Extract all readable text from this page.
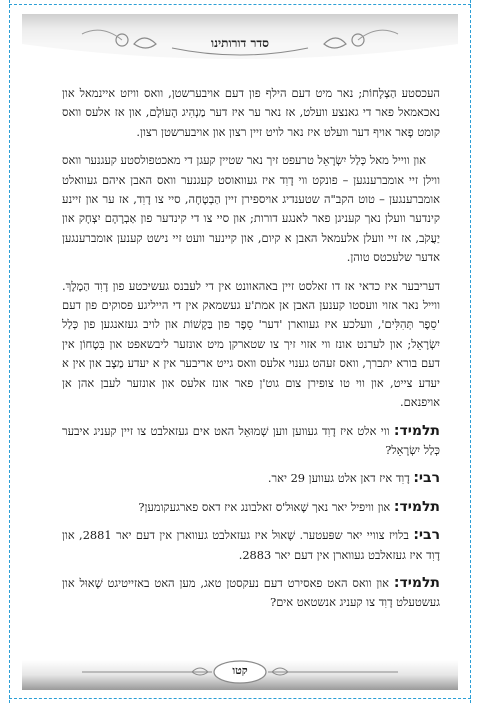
סדר דורותינו

העכסטע הַצְלָחוֹת; נאר מיט דעם הילף פון דעם אויבערשטן, וואס וויזט איינמאל און נאכאמאל פאר די גאנצע וועלט, אז נאר ער איז דער מַנְהִיג הָעוֹלָם, און אז אלעס וואס קומט פָאר אויף דער וועלט איז נאר לויט זיין רצון און אויבערשטן רצון.

און ווייל מאל כְּלַל יִשְׂרָאֵל טרעפט זיך נאר שטיין קעגן די מאכטפולסטע קעגנער וואס ווילן זיי אומברענגען – פונקט ווי דָוִד איז געוואוסט קעגנער וואס האבן איהם געוואלט אומברענגען – טוט הקב"ה שטענדיג אויספירן זיין הַבְטָחָה, סיי צו דָוִד, אז ער און זיינע קינדער וועלן נאך קעניגן פאר לאנגע דורות; און סיי צו די קינדער פון אַבְרָהָם יִצְחָק און יַעֲקֹב, אז זיי וועלן אלעמאל האבן א קיום, און קיינער וועט זיי נישט קענען אומברענגען אדער שלעכטס טוהן.

דעריבער איז כדאי אז דו זאלסט זיין באהאוונט אין די לעבנס געשיכטע פון דָוִד הַמֶלֶךְ. ווייל נאר אזוי וועסטו קענען האבן אן אמת'ע געשמאק אין די הייליגע פסוקים פון דעם 'סֵפֶר תְּהִלִּים', וועלכע איז געווארן 'דער' סֵפֶר פון בַּקָשׁוֹת און לויב געזאנגען פון כְּלַל יִשְׂרָאֵל; און לערנט אונז ווי אזוי זיך צו שטארקן מיט אונזער ליבשאפט און בִּטָחוֹן אין דעם בורא יתברך, וואס זעהט גענוי אלעס וואס גייט אריבער אין א יעדע מַצָב און אין א יעדע צייט, און ווי טו צופירן צום גוט'ן פאר אונז אלעס און אונזער לעבן אהן אן אויפנאם.

תלמיד: ווי אלט איז דָוִד געווען ווען שְׁמוּאֵל האט אים געזאלבט צו זיין קעניג איבער כְּלַל יִשְׂרָאֵל?
רבי: דָוִד איז דאן אלט געווען 29 יאר.
תלמיד: און וויפיל יאר נאך שָׁאוּל'ס זאלבונג איז דאס פארגעקומען?
רבי: בלויז צוויי יאר שפּעטער. שָׁאוּל איז געזאלבט געווארן אין דעם יאר 2881, און דָוִד איז געזאלבט געווארן אין דעם יאר 2883.
תלמיד: און וואס האט פאסירט דעם נעקסטן טאג, מען האט באזייטיגט שָׁאוּל און געשטעלט דָוִד צו קעניג אנשטאט אים?
קטו
